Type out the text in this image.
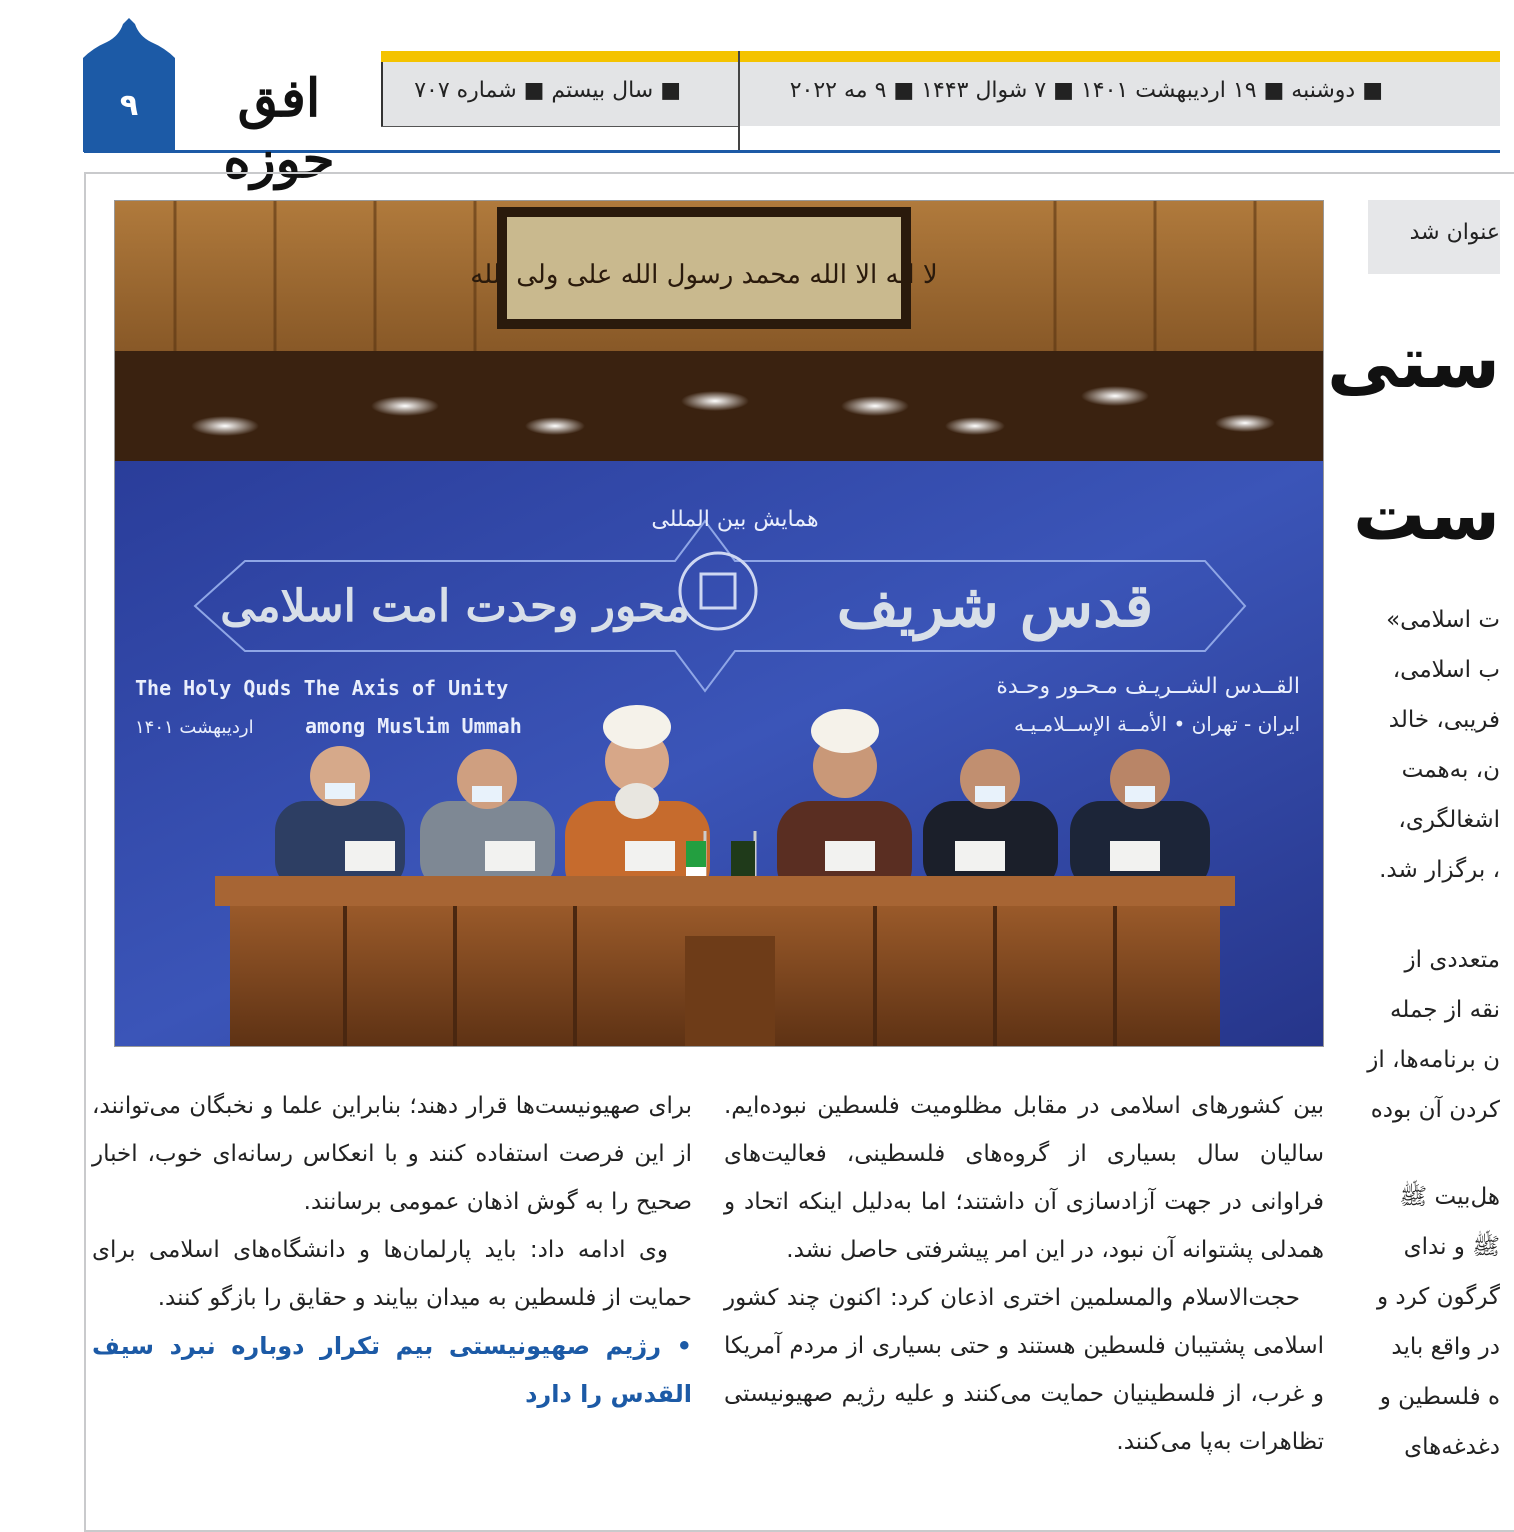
۹	افق حوزه
■ سال بیستم ■ شماره ۷۰۷	■ دوشنبه ■ ۱۹ اردیبهشت ۱۴۰۱ ■ ۷ شوال ۱۴۴۳ ■ ۹ مه ۲۰۲۲
لا اله الا الله محمد رسول الله علی ولی الله
همایش بین المللی
قدس شریف
محور وحدت امت اسلامی
القــدس الشــريـف مـحـور وحـدة
ايران - تهران • الأمــة الإســلامـيـه
The Holy Quds The Axis of Unity
among Muslim Ummah
اردیبهشت ۱۴۰۱
عنوان شد
ستی
ست

ت اسلامی»

ب اسلامی،

فریبی، خالد

ن، به‌همت

اشغالگری،

، برگزار شد.

متعددی از

نقه از جمله

ن برنامه‌ها، از

کردن آن بوده

هل‌بیت ﷺ

ﷺ و ندای

گرگون کرد و

در واقع باید

ه فلسطین و

دغدغه‌های

بین کشورهای اسلامی در مقابل مظلومیت فلسطین نبوده‌ایم. سالیان سال بسیاری از گروه‌های فلسطینی، فعالیت‌های فراوانی در جهت آزادسازی آن داشتند؛ اما به‌دلیل اینکه اتحاد و همدلی پشتوانه آن نبود، در این امر پیشرفتی حاصل نشد.

حجت‌الاسلام والمسلمین اختری اذعان کرد: اکنون چند کشور اسلامی پشتیبان فلسطین هستند و حتی بسیاری از مردم آمریکا و غرب، از فلسطینیان حمایت می‌کنند و علیه رژیم صهیونیستی تظاهرات به‌پا می‌کنند.

برای صهیونیست‌ها قرار دهند؛ بنابراین علما و نخبگان می‌توانند، از این فرصت استفاده کنند و با انعکاس رسانه‌ای خوب، اخبار صحیح را به گوش اذهان عمومی برسانند.

وی ادامه داد: باید پارلمان‌ها و دانشگاه‌های اسلامی برای حمایت از فلسطین به میدان بیایند و حقایق را بازگو کنند.

• رژیم صهیونیستی بیم تکرار دوباره نبرد سیف القدس را دارد
